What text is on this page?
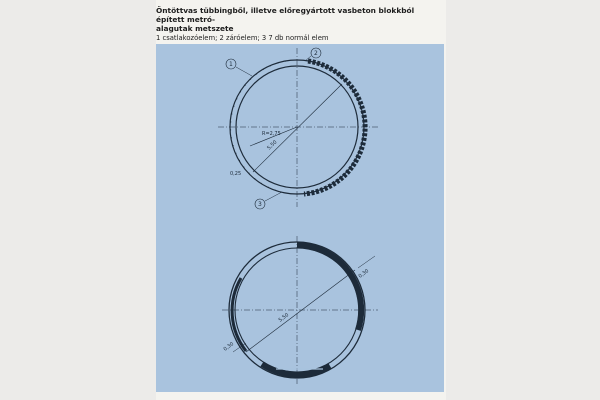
Öntöttvas tübbingből, illetve előregyártott vasbeton blokkból épített metró-
alagutak metszete
1 csatlakozóelem; 2 záróelem; 3 7 db normál elem
R=2,75
5,50
0,25
1
2
3
5,50
0,30
0,30
